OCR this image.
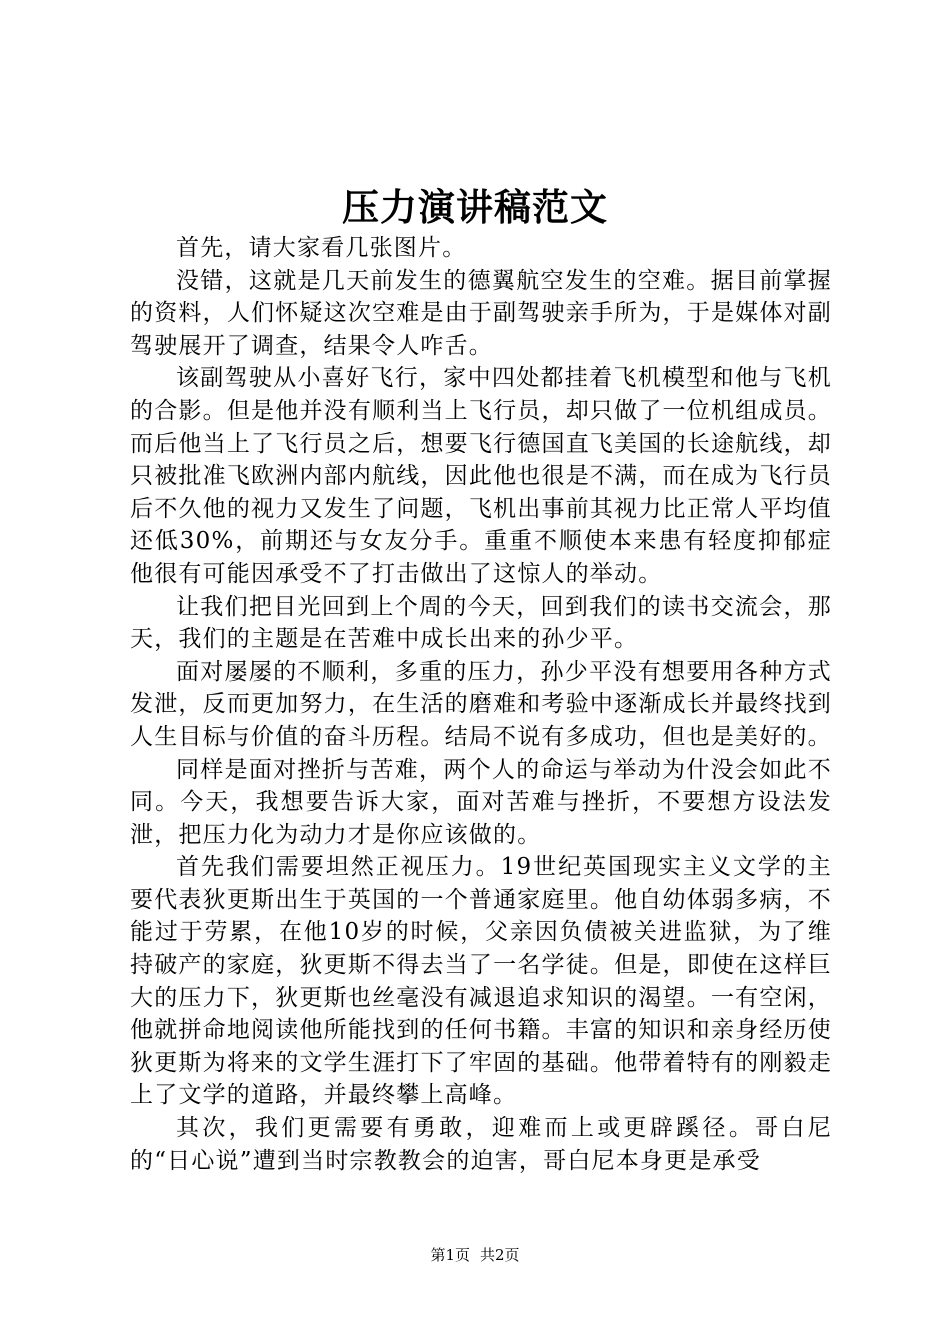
压力演讲稿范文

首先，请大家看几张图片。

没错，这就是几天前发生的德翼航空发生的空难。据目前掌握的资料，人们怀疑这次空难是由于副驾驶亲手所为，于是媒体对副驾驶展开了调查，结果令人咋舌。

该副驾驶从小喜好飞行，家中四处都挂着飞机模型和他与飞机的合影。但是他并没有顺利当上飞行员，却只做了一位机组成员。而后他当上了飞行员之后，想要飞行德国直飞美国的长途航线，却只被批准飞欧洲内部内航线，因此他也很是不满，而在成为飞行员后不久他的视力又发生了问题，飞机出事前其视力比正常人平均值还低30%，前期还与女友分手。重重不顺使本来患有轻度抑郁症他很有可能因承受不了打击做出了这惊人的举动。

让我们把目光回到上个周的今天，回到我们的读书交流会，那天，我们的主题是在苦难中成长出来的孙少平。

面对屡屡的不顺利，多重的压力，孙少平没有想要用各种方式发泄，反而更加努力，在生活的磨难和考验中逐渐成长并最终找到人生目标与价值的奋斗历程。结局不说有多成功，但也是美好的。

同样是面对挫折与苦难，两个人的命运与举动为什没会如此不同。今天，我想要告诉大家，面对苦难与挫折，不要想方设法发泄，把压力化为动力才是你应该做的。

首先我们需要坦然正视压力。19世纪英国现实主义文学的主要代表狄更斯出生于英国的一个普通家庭里。他自幼体弱多病，不能过于劳累，在他10岁的时候，父亲因负债被关进监狱，为了维持破产的家庭，狄更斯不得去当了一名学徒。但是，即使在这样巨大的压力下，狄更斯也丝毫没有减退追求知识的渴望。一有空闲，他就拼命地阅读他所能找到的任何书籍。丰富的知识和亲身经历使狄更斯为将来的文学生涯打下了牢固的基础。他带着特有的刚毅走上了文学的道路，并最终攀上高峰。

其次，我们更需要有勇敢，迎难而上或更辟蹊径。哥白尼的“日心说”遭到当时宗教教会的迫害，哥白尼本身更是承受

第1页 共2页
